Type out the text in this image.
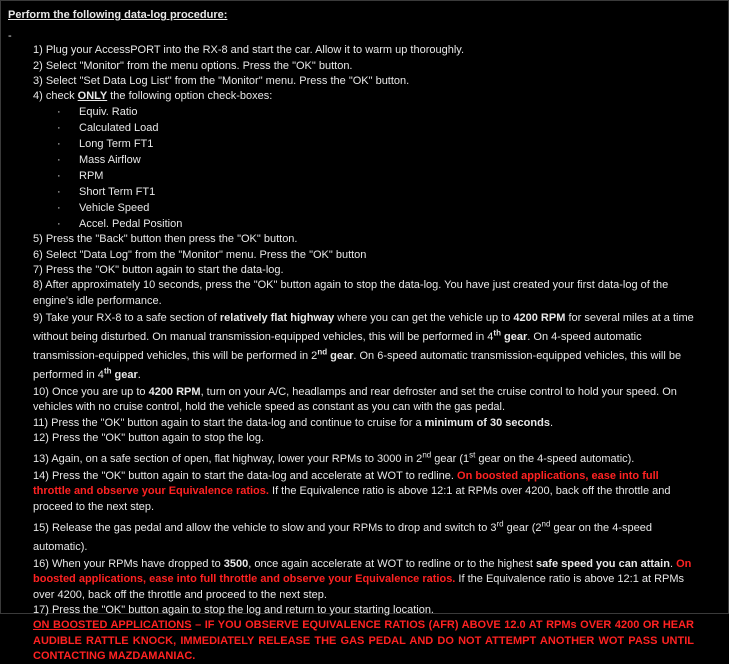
Perform the following data-log procedure:
-

1) Plug your AccessPORT into the RX-8 and start the car. Allow it to warm up thoroughly.

2) Select "Monitor" from the menu options. Press the "OK" button.

3) Select "Set Data Log List" from the "Monitor" menu. Press the "OK" button.

4) check ONLY the following option check-boxes:

· Equiv. Ratio
· Calculated Load
· Long Term FT1
· Mass Airflow
· RPM
· Short Term FT1
· Vehicle Speed
· Accel. Pedal Position

5) Press the "Back" button then press the "OK" button.

6) Select "Data Log" from the "Monitor" menu. Press the "OK" button

7) Press the "OK" button again to start the data-log.

8) After approximately 10 seconds, press the "OK" button again to stop the data-log. You have just created your first data-log of the engine's idle performance.

9) Take your RX-8 to a safe section of relatively flat highway where you can get the vehicle up to 4200 RPM for several miles at a time without being disturbed. On manual transmission-equipped vehicles, this will be performed in 4th gear. On 4-speed automatic transmission-equipped vehicles, this will be performed in 2nd gear. On 6-speed automatic transmission-equipped vehicles, this will be performed in 4th gear.

10) Once you are up to 4200 RPM, turn on your A/C, headlamps and rear defroster and set the cruise control to hold your speed. On vehicles with no cruise control, hold the vehicle speed as constant as you can with the gas pedal.

11) Press the "OK" button again to start the data-log and continue to cruise for a minimum of 30 seconds.

12) Press the "OK" button again to stop the log.

13) Again, on a safe section of open, flat highway, lower your RPMs to 3000 in 2nd gear (1st gear on the 4-speed automatic).

14) Press the "OK" button again to start the data-log and accelerate at WOT to redline. On boosted applications, ease into full throttle and observe your Equivalence ratios. If the Equivalence ratio is above 12:1 at RPMs over 4200, back off the throttle and proceed to the next step.

15) Release the gas pedal and allow the vehicle to slow and your RPMs to drop and switch to 3rd gear (2nd gear on the 4-speed automatic).

16) When your RPMs have dropped to 3500, once again accelerate at WOT to redline or to the highest safe speed you can attain. On boosted applications, ease into full throttle and observe your Equivalence ratios. If the Equivalence ratio is above 12:1 at RPMs over 4200, back off the throttle and proceed to the next step.

17) Press the "OK" button again to stop the log and return to your starting location.

ON BOOSTED APPLICATIONS – IF YOU OBSERVE EQUIVALENCE RATIOS (AFR) ABOVE 12.0 AT RPMs OVER 4200 OR HEAR AUDIBLE RATTLE KNOCK, IMMEDIATELY RELEASE THE GAS PEDAL AND DO NOT ATTEMPT ANOTHER WOT PASS UNTIL CONTACTING MAZDAMANIAC.
